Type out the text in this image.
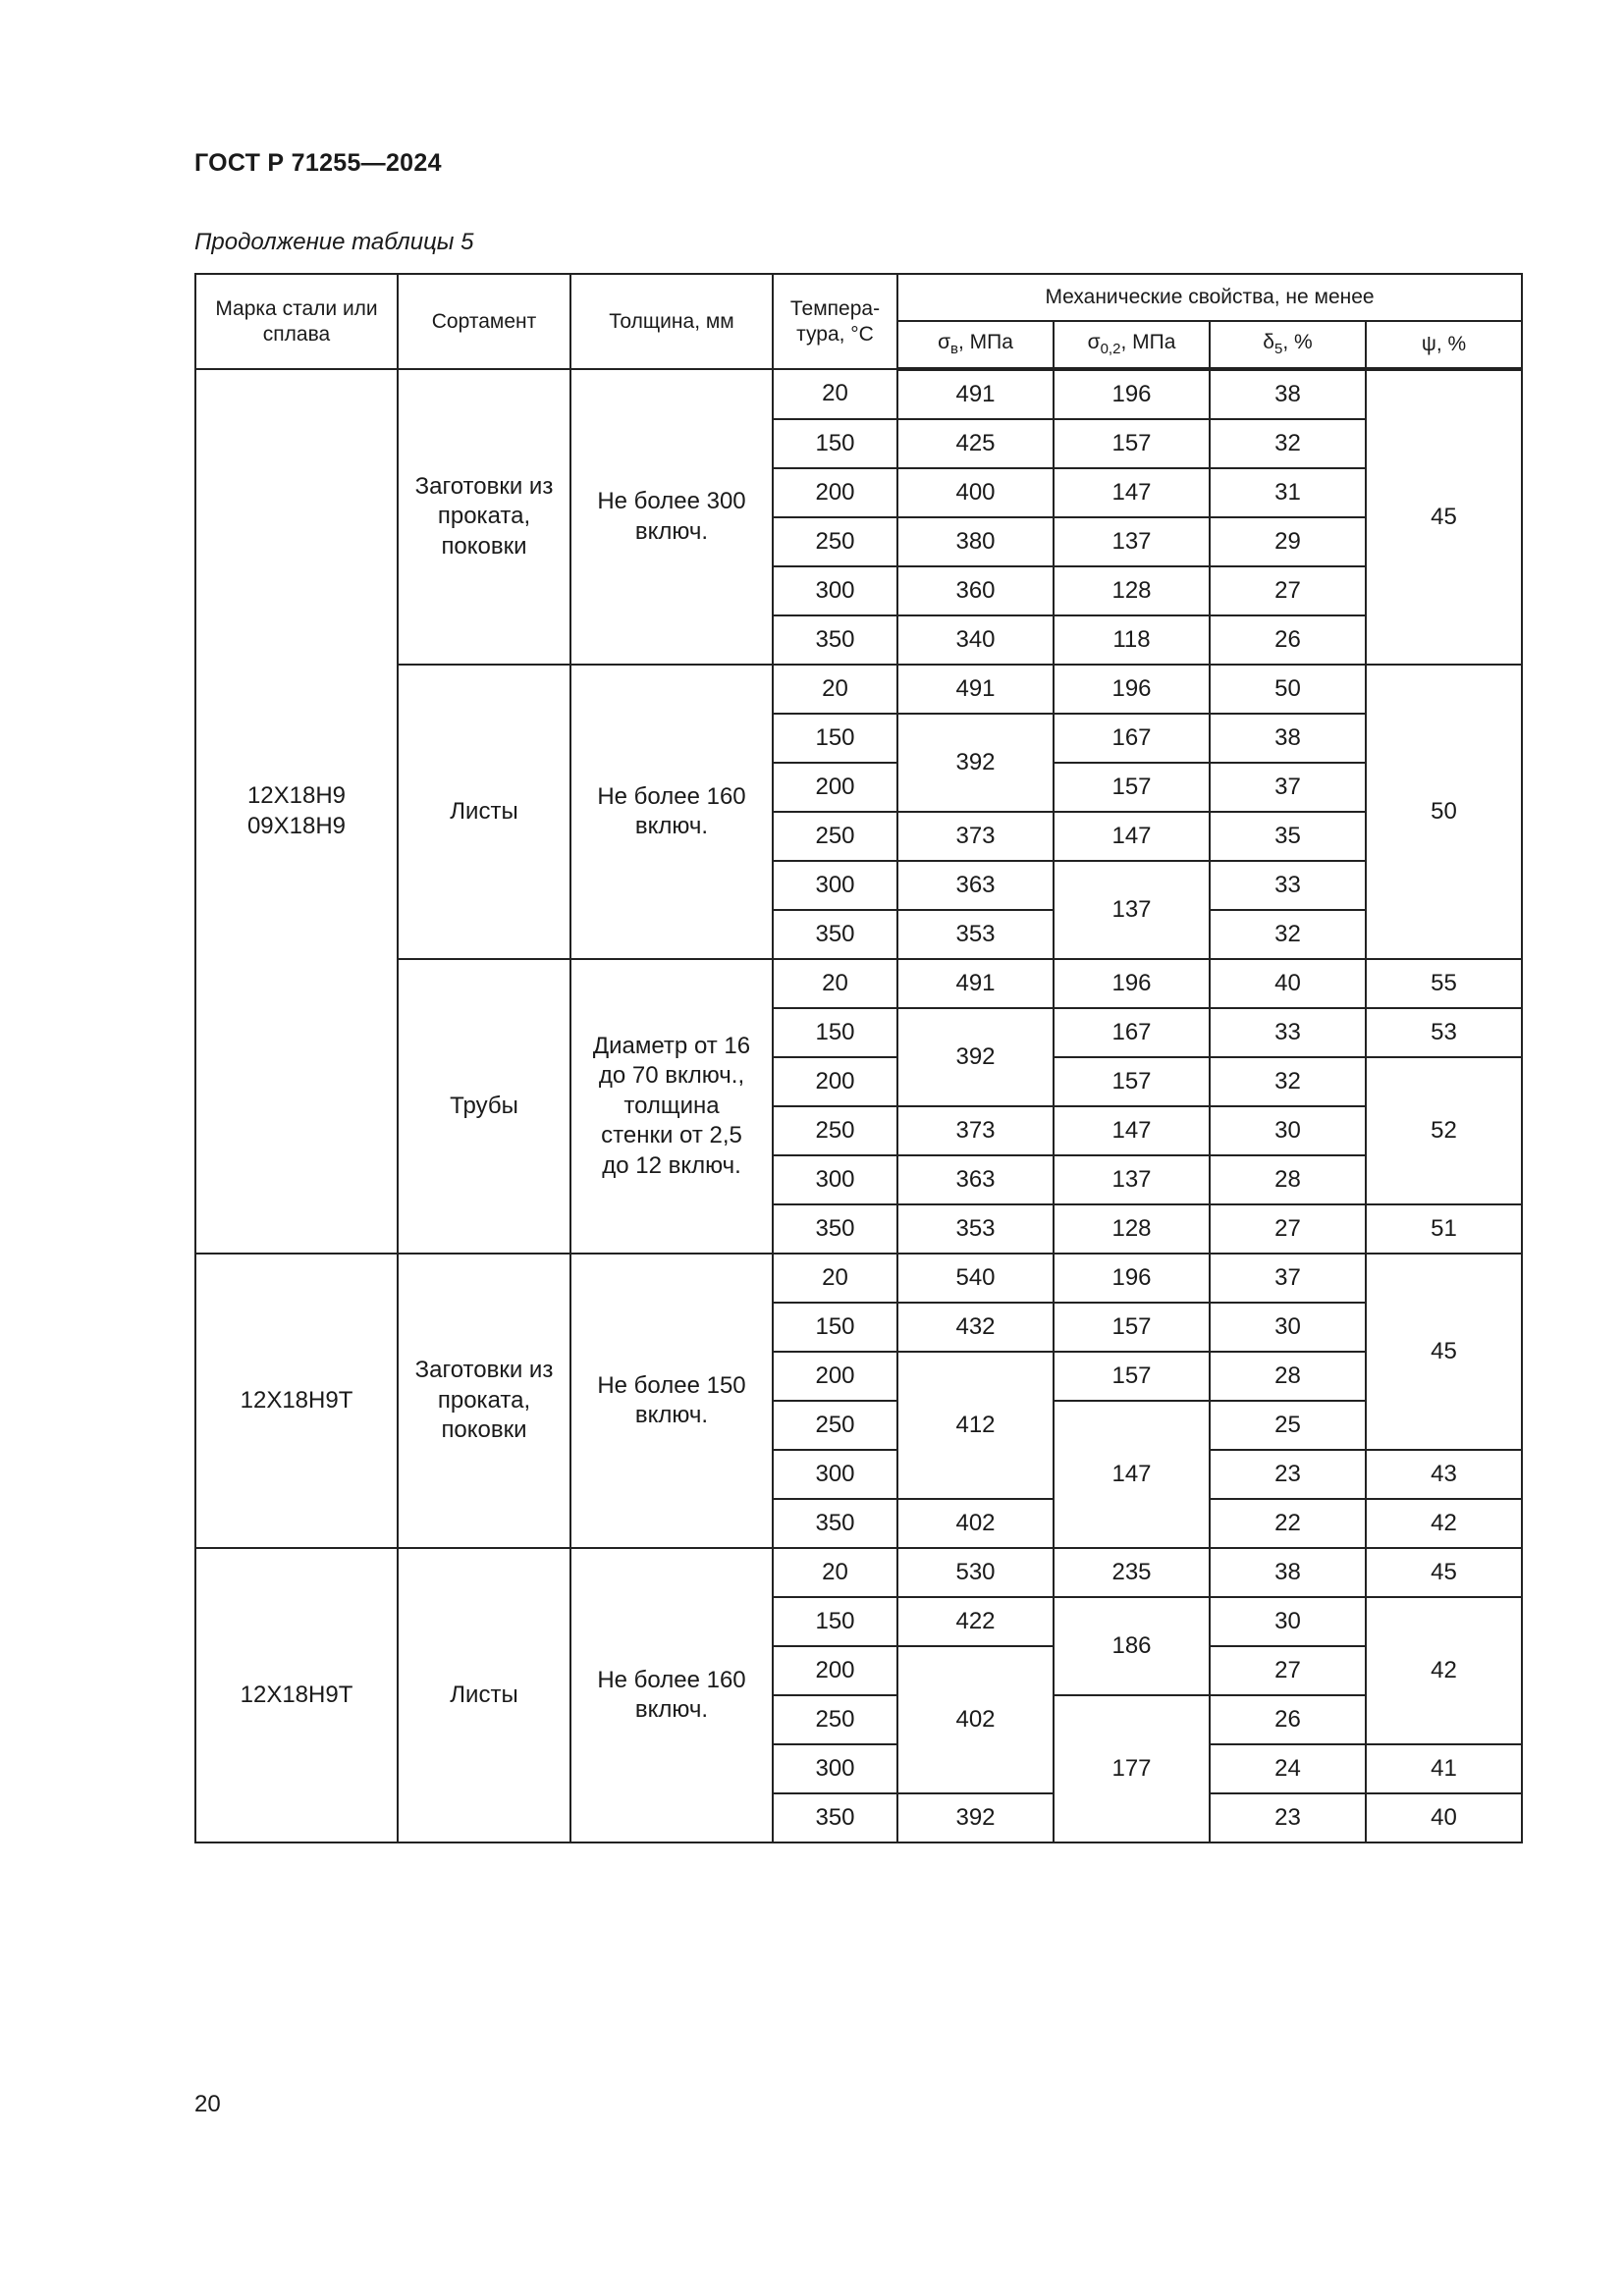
ГОСТ Р 71255—2024
Продолжение таблицы 5
Марка стали или сплава	Сортамент	Толщина, мм	Темпера-тура, °С	Механические свойства, не менее			
				$\sigma_в$, МПа	$\sigma_{0,2}$, МПа	$\delta_5$, %	ψ, %
12Х18Н9 09Х18Н9	Заготовки из проката, поковки	Не более 300 включ.	20	491	196	38	45
			150	425	157	32	
			200	400	147	31	
			250	380	137	29	
			300	360	128	27	
			350	340	118	26	
	Листы	Не более 160 включ.	20	491	196	50	50
			150	392	167	38	
			200		157	37	
			250	373	147	35	
			300	363	137	33	
			350	353		32	
	Трубы	Диаметр от 16 до 70 включ., толщина стенки от 2,5 до 12 включ.	20	491	196	40	55
			150	392	167	33	53
			200		157	32	52
			250	373	147	30	
			300	363	137	28	
			350	353	128	27	51
12Х18Н9Т	Заготовки из проката, поковки	Не более 150 включ.	20	540	196	37	45
			150	432	157	30	
			200	412	157	28	
			250		147	25	
			300			23	43
			350	402		22	42
12Х18Н9Т	Листы	Не более 160 включ.	20	530	235	38	45
			150	422	186	30	42
			200	402		27	
			250		177	26	
			300			24	41
			350	392		23	40
20
